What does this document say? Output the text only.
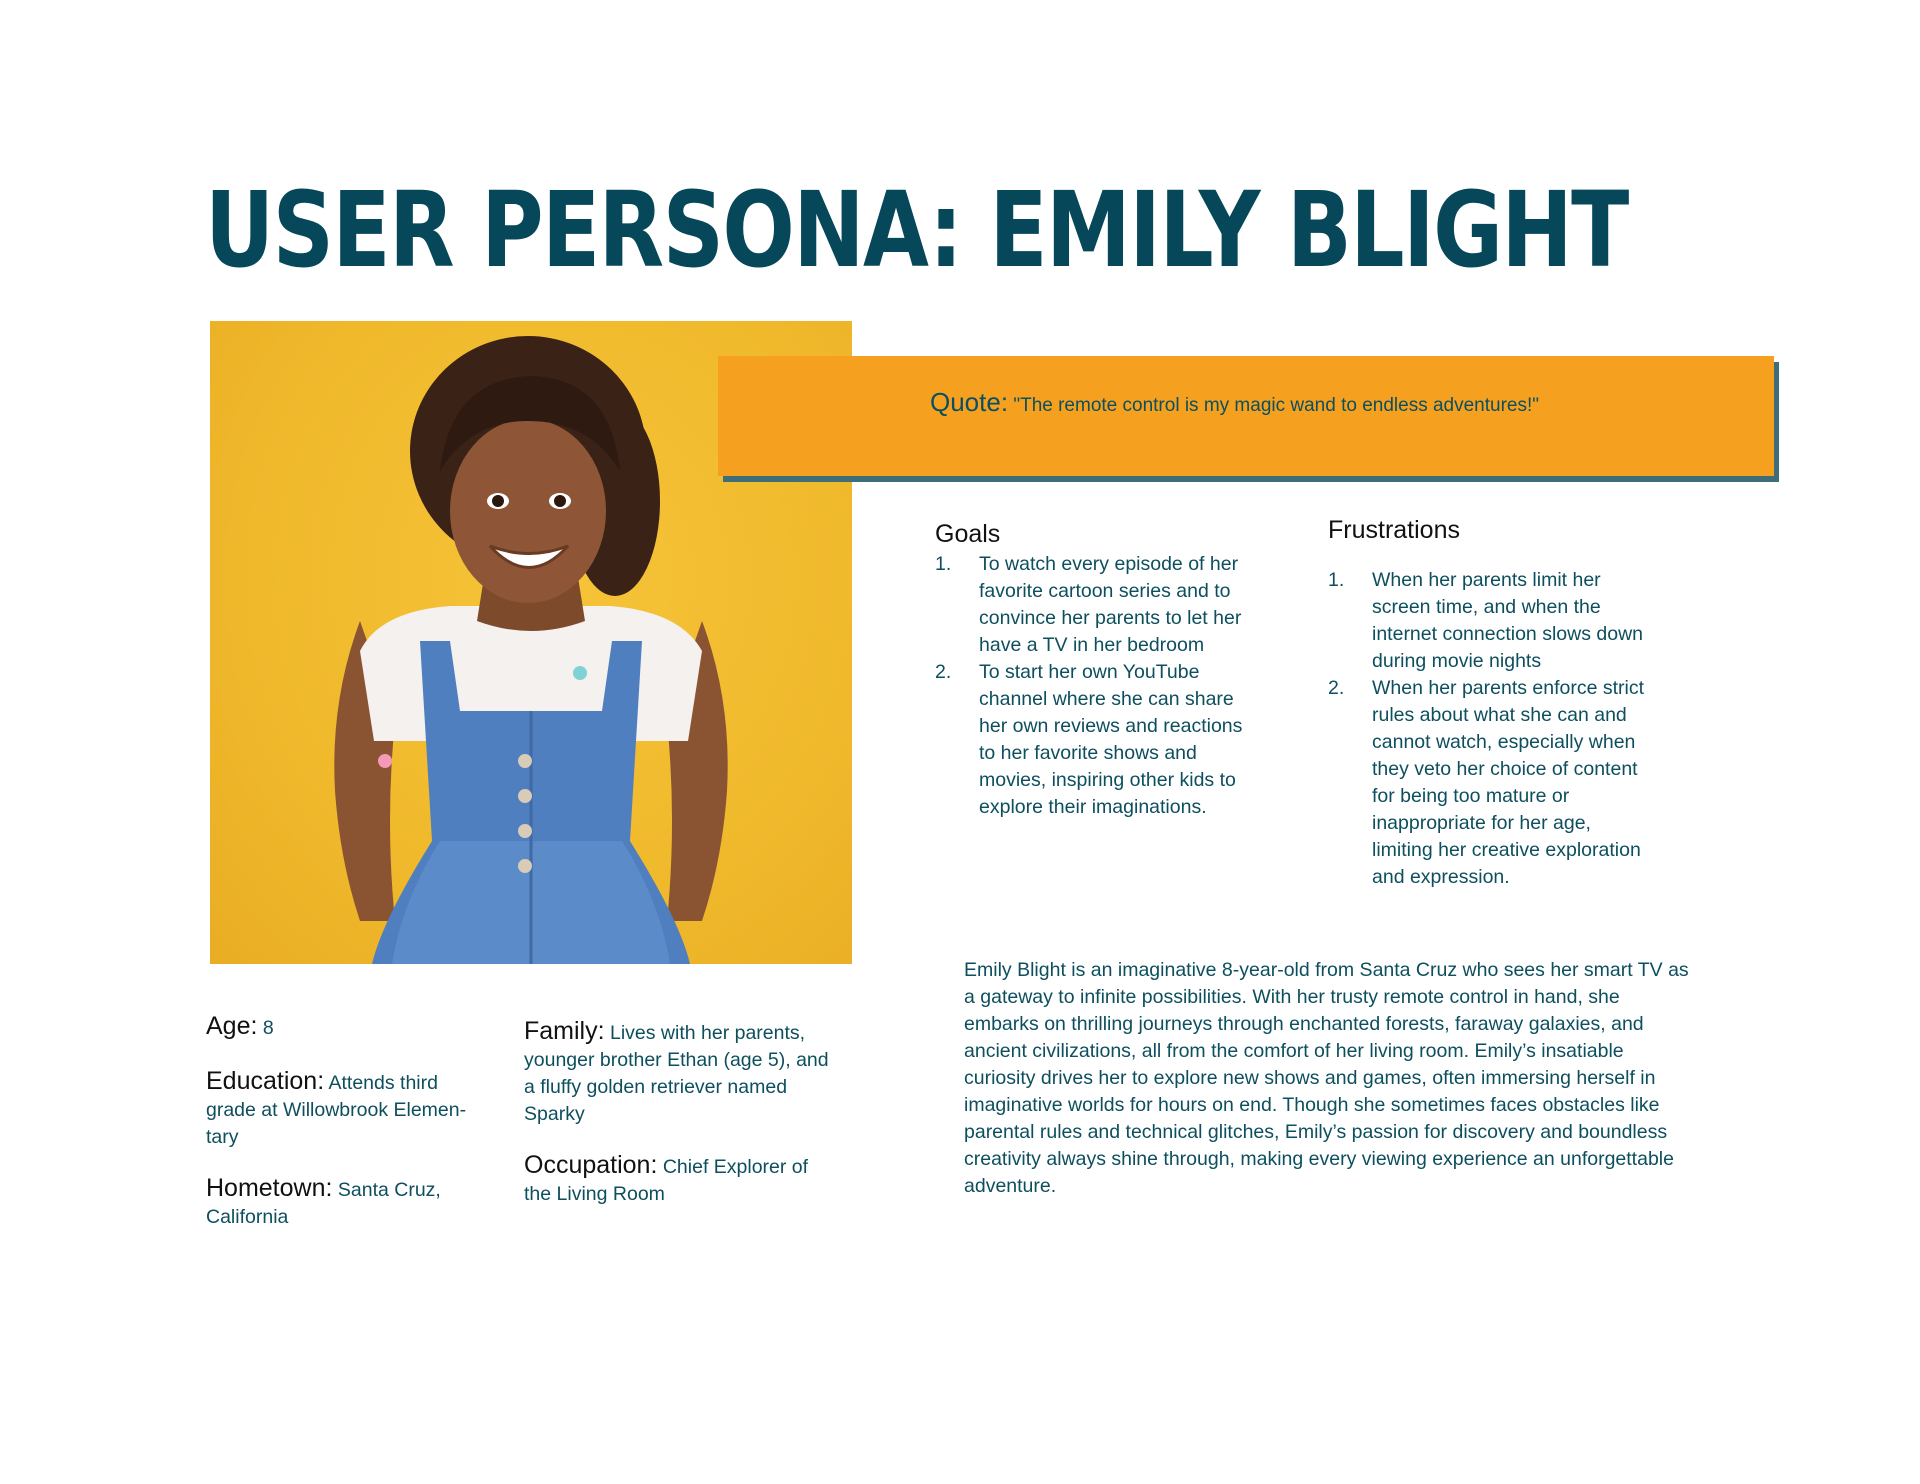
USER PERSONA: EMILY BLIGHT
Quote: "The remote control is my magic wand to endless adventures!"
Goals
1.	To watch every episode of her favorite cartoon series and to convince her parents to let her have a TV in her bedroom
2.	To start her own YouTube channel where she can share her own reviews and reactions to her favorite shows and movies, inspiring other kids to explore their imaginations.
Frustrations
1.	When her parents limit her screen time, and when the internet connection slows down during movie nights
2.	When her parents enforce strict rules about what she can and cannot watch, especially when they veto her choice of content for being too mature or inappropriate for her age, limiting her creative exploration and expression.

Emily Blight is an imaginative 8-year-old from Santa Cruz who sees her smart TV as a gateway to infinite possibilities. With her trusty remote control in hand, she embarks on thrilling journeys through enchanted forests, faraway galaxies, and ancient civilizations, all from the comfort of her living room. Emily’s insatiable curiosity drives her to explore new shows and games, often immersing herself in imaginative worlds for hours on end. Though she sometimes faces obstacles like parental rules and technical glitches, Emily’s passion for discovery and boundless creativity always shine through, making every viewing experience an unforgettable adventure.

Age: 8
Education: Attends third grade at Willowbrook Elemen-tary
Hometown: Santa Cruz, California
Family: Lives with her parents, younger brother Ethan (age 5), and a fluffy golden retriever named Sparky
Occupation: Chief Explorer of the Living Room
